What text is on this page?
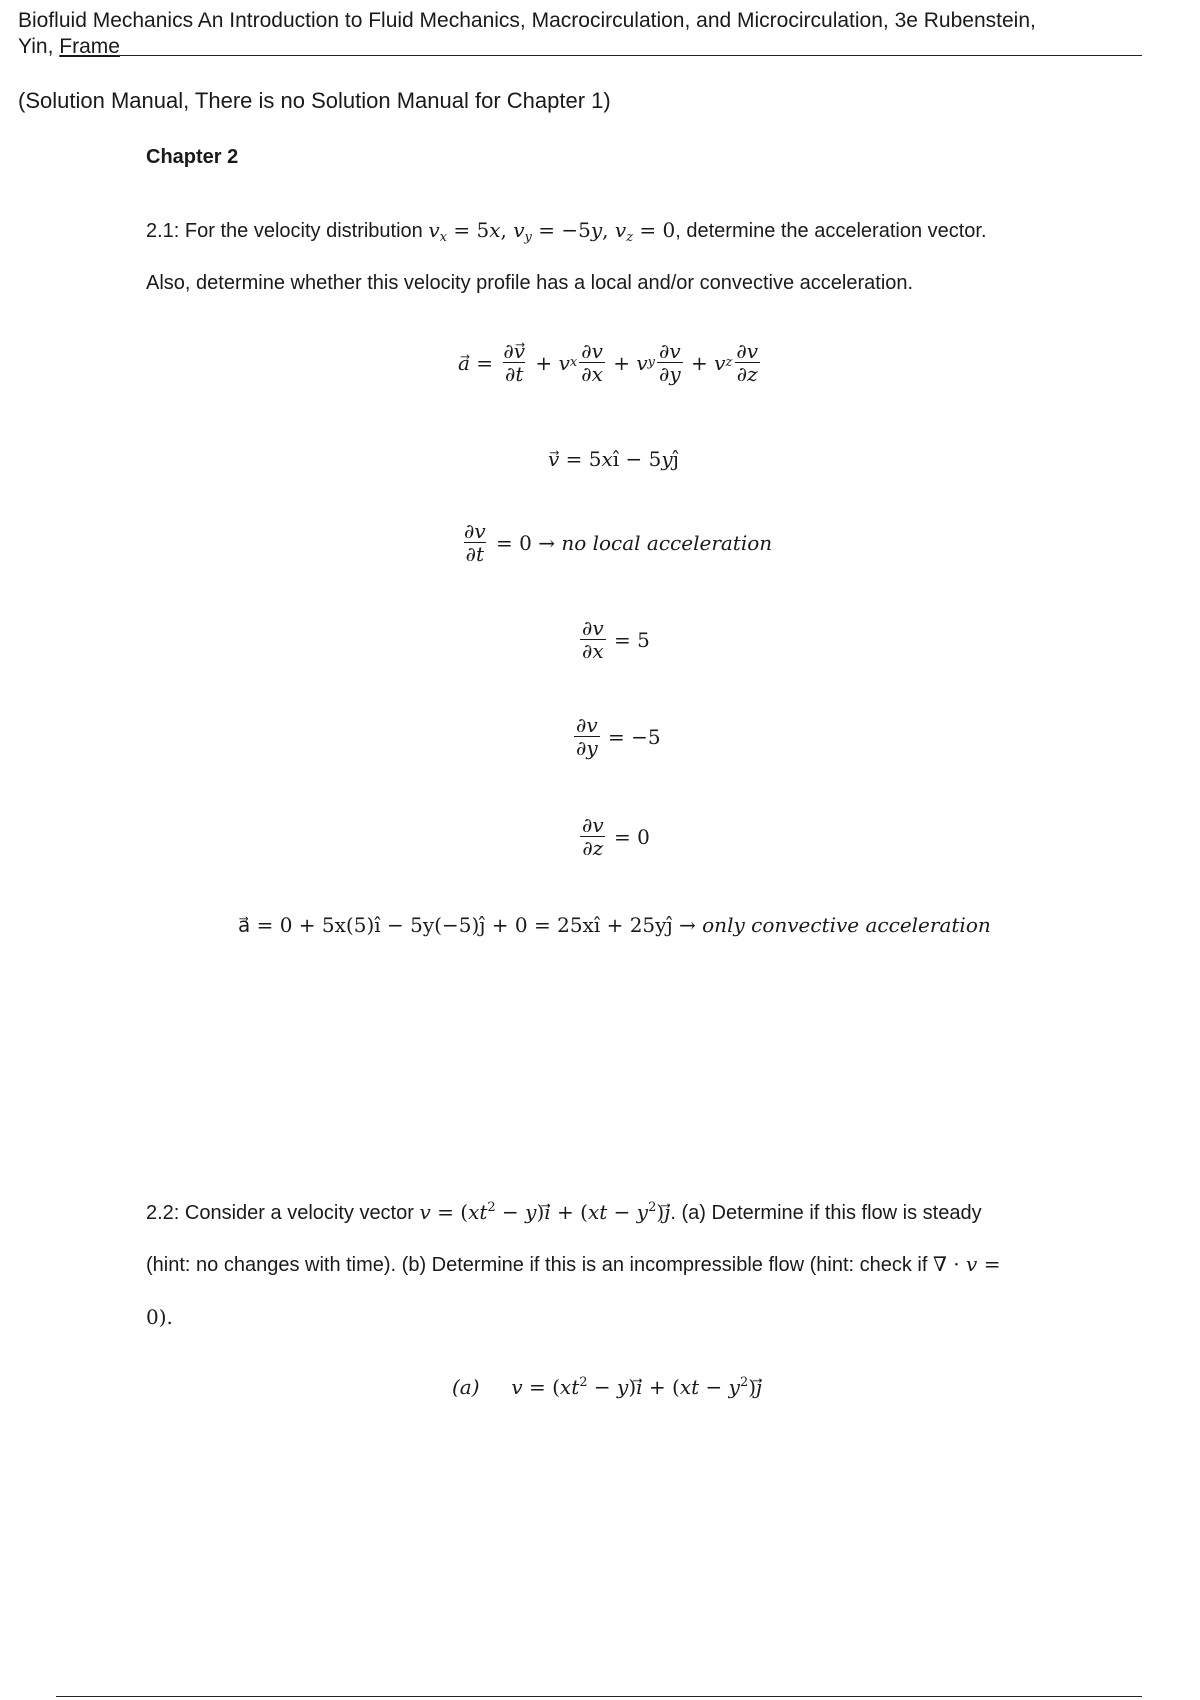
Biofluid Mechanics An Introduction to Fluid Mechanics, Macrocirculation, and Microcirculation, 3e Rubenstein,
Yin, Frame
(Solution Manual, There is no Solution Manual for Chapter 1)
Chapter 2
2.1: For the velocity distribution $v_x = 5x$, $v_y = -5y$, $v_z = 0$, determine the acceleration vector.
Also, determine whether this velocity profile has a local and/or convective acceleration.
a ⃗ = $\frac{\partial v}{\partial t} + v$ x $\frac{\partial v}{\partial x} + v$ y $\frac{\partial v}{\partial y} + v$ z $\frac{\partial v}{\partial z}$
v⃗ = 5xî − 5yĵ
$\frac{\partial v}{\partial t} = 0$ → no local acceleration
$\frac{\partial v}{\partial x}$
= 5
$\frac{\partial v}{\partial y}$
= −5
$\frac{\partial v}{\partial z}$
= 0
a⃗ = 0 + 5x(5)î − 5y(−5)ĵ + 0 = 25xî + 25yĵ → only convective acceleration
2.2: Consider a velocity vector $v = (xt^2$ − y)i⃗ + $(xt - y^2)j$. (a) Determine if this flow is steady
(hint: no changes with time). (b) Determine if this is an incompressible flow (hint: check if ∇ · v =
0).
(a) $v = (xt^2$ − y)i⃗ + $(xt - y^2)j$
